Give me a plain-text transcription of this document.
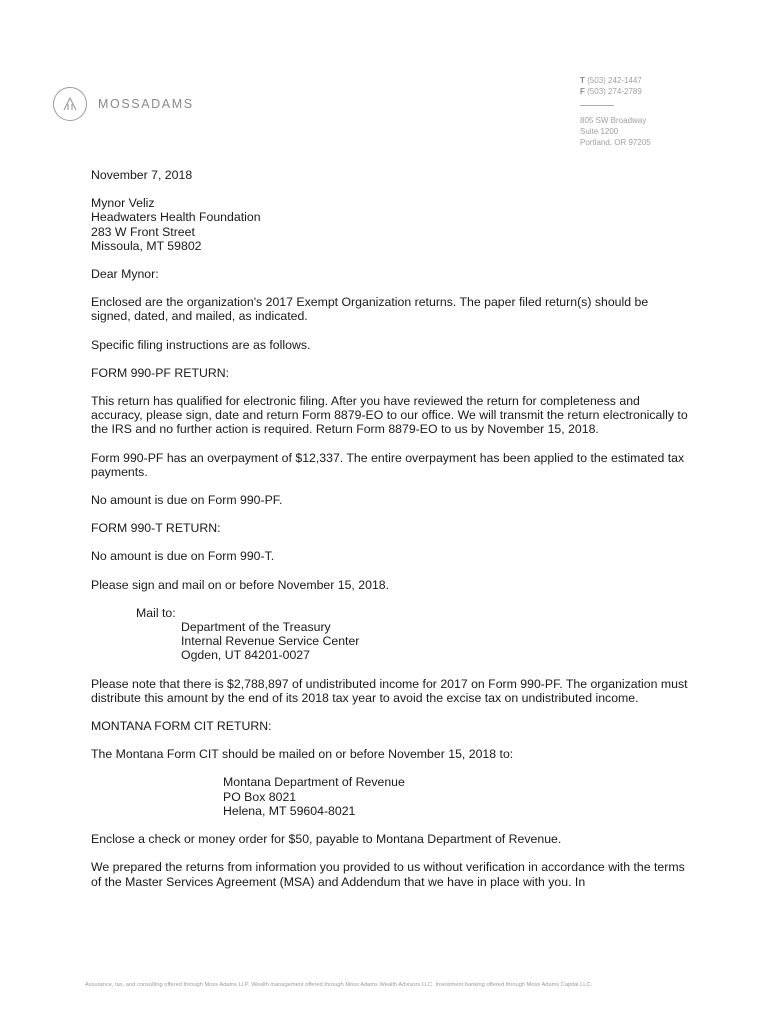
MOSSADAMS
T (503) 242-1447
F (503) 274-2789
805 SW Broadway
Suite 1200
Portland, OR 97205

November 7, 2018

Mynor Veliz
Headwaters Health Foundation
283 W Front Street
Missoula, MT 59802

Dear Mynor:

Enclosed are the organization's 2017 Exempt Organization returns. The paper filed return(s) should be signed, dated, and mailed, as indicated.

Specific filing instructions are as follows.

FORM 990-PF RETURN:

This return has qualified for electronic filing. After you have reviewed the return for completeness and accuracy, please sign, date and return Form 8879-EO to our office. We will transmit the return electronically to the IRS and no further action is required. Return Form 8879-EO to us by November 15, 2018.

Form 990-PF has an overpayment of $12,337. The entire overpayment has been applied to the estimated tax payments.

No amount is due on Form 990-PF.

FORM 990-T RETURN:

No amount is due on Form 990-T.

Please sign and mail on or before November 15, 2018.

Mail to:
Department of the Treasury
Internal Revenue Service Center
Ogden, UT 84201-0027

Please note that there is $2,788,897 of undistributed income for 2017 on Form 990-PF. The organization must distribute this amount by the end of its 2018 tax year to avoid the excise tax on undistributed income.

MONTANA FORM CIT RETURN:

The Montana Form CIT should be mailed on or before November 15, 2018 to:

Montana Department of Revenue
PO Box 8021
Helena, MT 59604-8021

Enclose a check or money order for $50, payable to Montana Department of Revenue.

We prepared the returns from information you provided to us without verification in accordance with the terms of the Master Services Agreement (MSA) and Addendum that we have in place with you. In

Assurance, tax, and consulting offered through Moss Adams LLP. Wealth management offered through Moss Adams Wealth Advisors LLC. Investment banking offered through Moss Adams Capital LLC.
